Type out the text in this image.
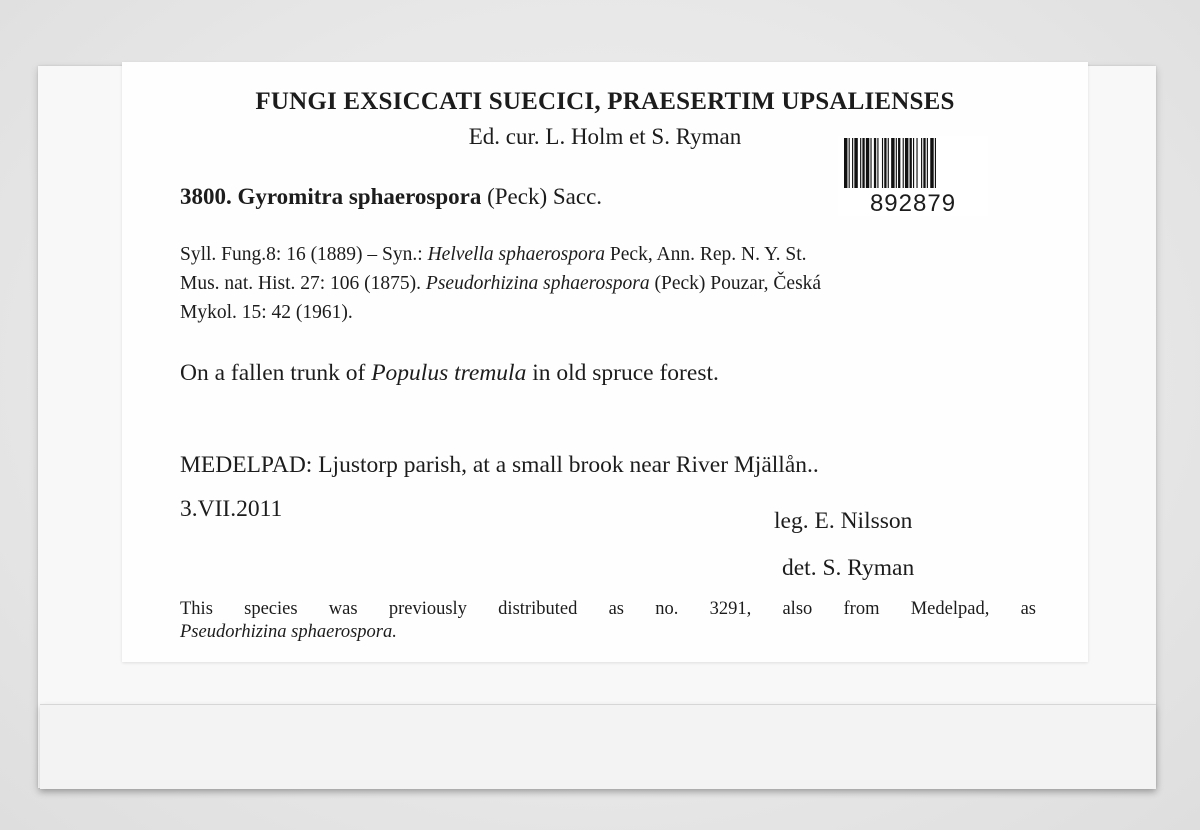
FUNGI EXSICCATI SUECICI, PRAESERTIM UPSALIENSES
Ed. cur. L. Holm et S. Ryman
892879
3800. Gyromitra sphaerospora (Peck) Sacc.
Syll. Fung.8: 16 (1889) – Syn.: Helvella sphaerospora Peck, Ann. Rep. N. Y. St.
Mus. nat. Hist. 27: 106 (1875). Pseudorhizina sphaerospora (Peck) Pouzar, Česká
Mykol. 15: 42 (1961).
On a fallen trunk of Populus tremula in old spruce forest.
MEDELPAD: Ljustorp parish, at a small brook near River Mjällån..
3.VII.2011	leg. E. Nilsson
det. S. Ryman
This species was previously distributed as no. 3291, also from Medelpad, as
Pseudorhizina sphaerospora.
